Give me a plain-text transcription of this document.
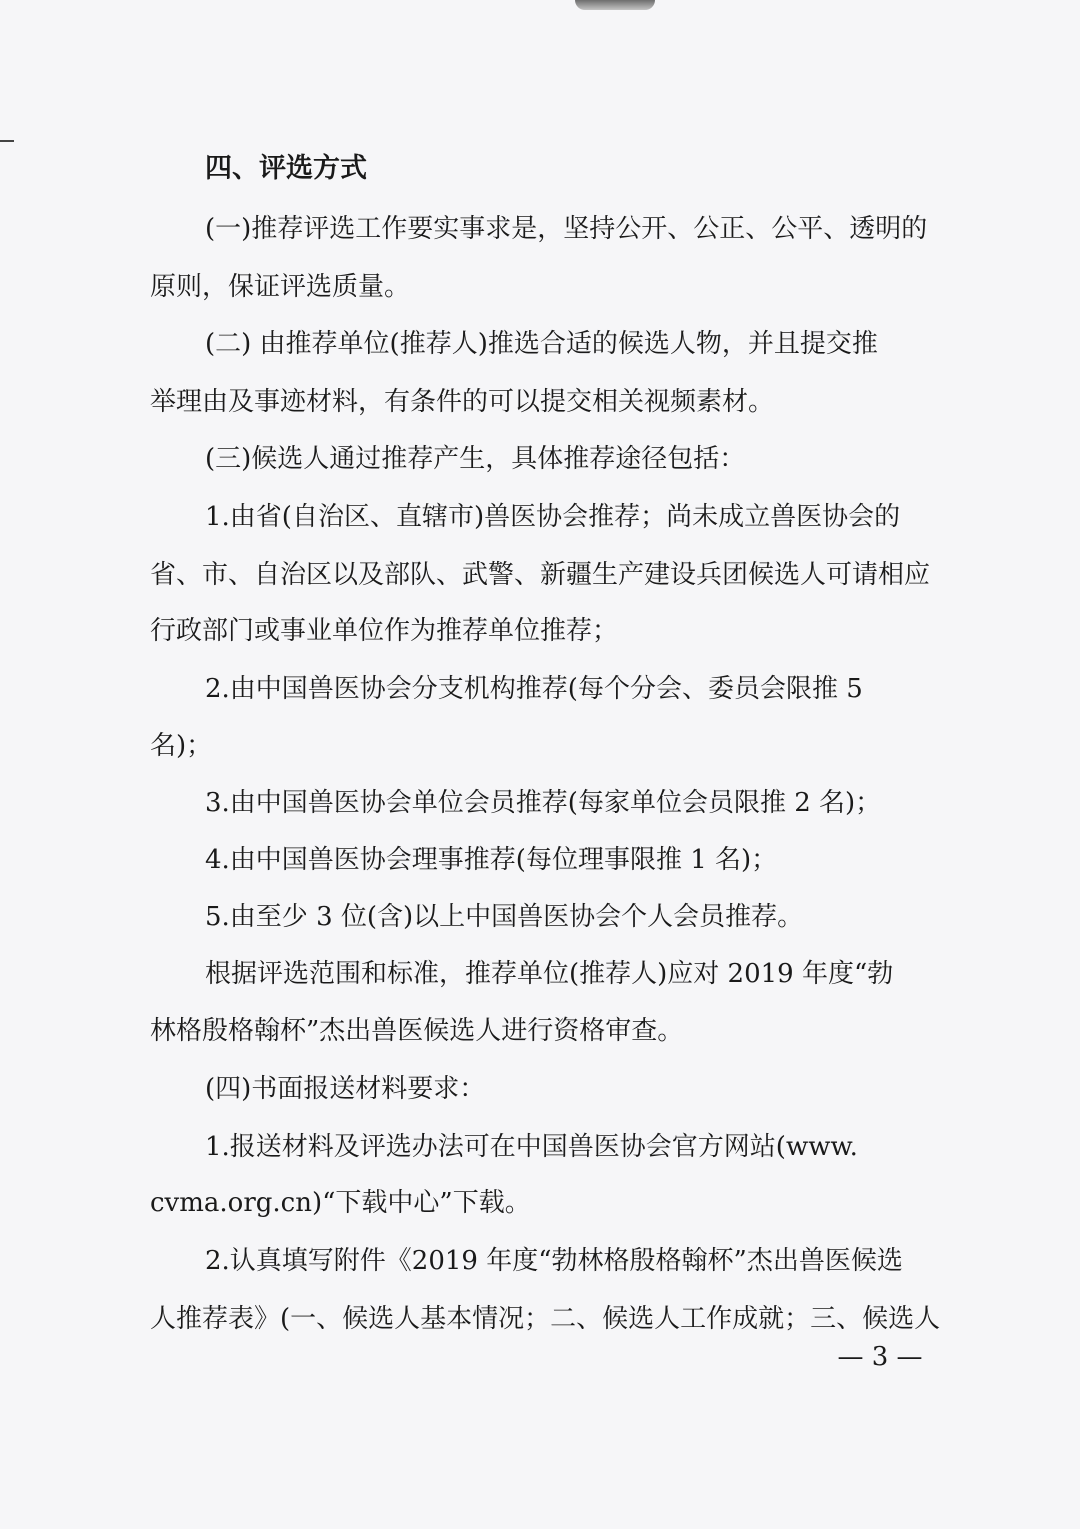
四、评选方式
(一)推荐评选工作要实事求是，坚持公开、公正、公平、透明的
原则，保证评选质量。
(二) 由推荐单位(推荐人)推选合适的候选人物，并且提交推
举理由及事迹材料，有条件的可以提交相关视频素材。
(三)候选人通过推荐产生，具体推荐途径包括：
1.由省(自治区、直辖市)兽医协会推荐；尚未成立兽医协会的
省、市、自治区以及部队、武警、新疆生产建设兵团候选人可请相应
行政部门或事业单位作为推荐单位推荐；
2.由中国兽医协会分支机构推荐(每个分会、委员会限推 5
名)；
3.由中国兽医协会单位会员推荐(每家单位会员限推 2 名)；
4.由中国兽医协会理事推荐(每位理事限推 1 名)；
5.由至少 3 位(含)以上中国兽医协会个人会员推荐。
根据评选范围和标准，推荐单位(推荐人)应对 2019 年度“勃
林格殷格翰杯”杰出兽医候选人进行资格审查。
(四)书面报送材料要求：
1.报送材料及评选办法可在中国兽医协会官方网站(www.
cvma.org.cn)“下载中心”下载。
2.认真填写附件《2019 年度“勃林格殷格翰杯”杰出兽医候选
人推荐表》(一、候选人基本情况；二、候选人工作成就；三、候选人
— 3 —
